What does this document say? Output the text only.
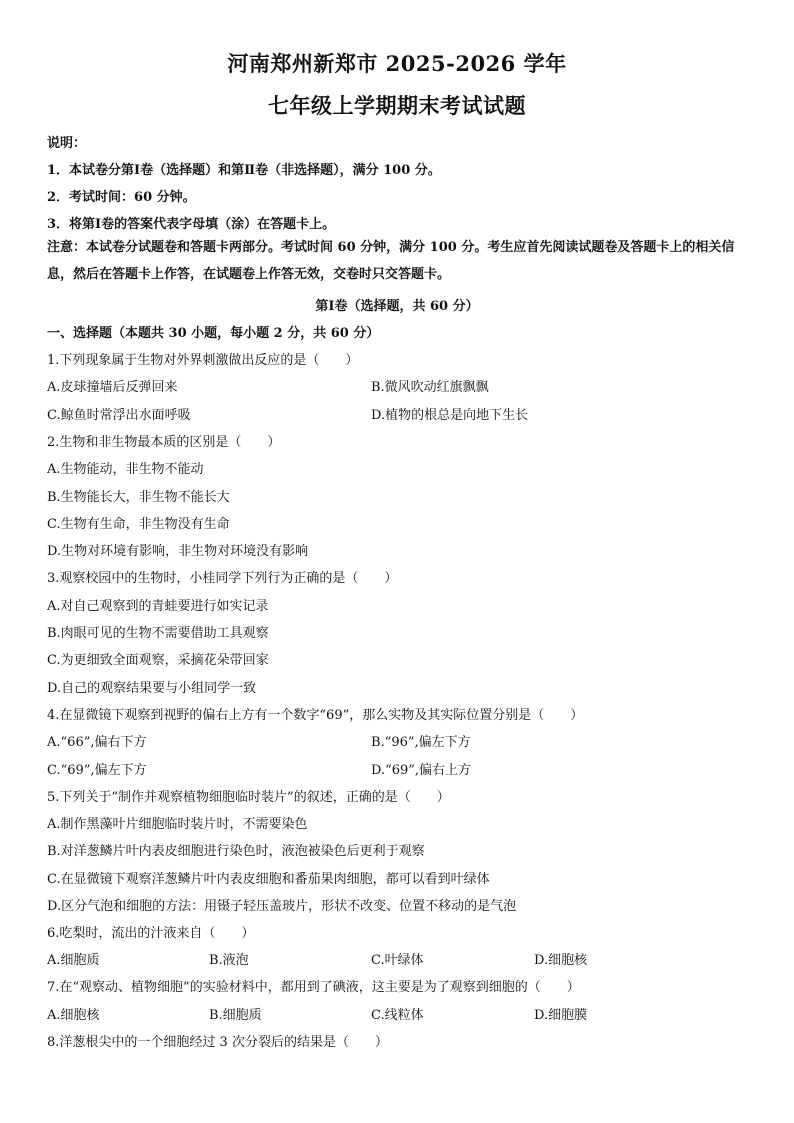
河南郑州新郑市 2025-2026 学年
七年级上学期期末考试试题
说明：
1．本试卷分第Ⅰ卷（选择题）和第Ⅱ卷（非选择题），满分 100 分。
2．考试时间：60 分钟。
3．将第Ⅰ卷的答案代表字母填（涂）在答题卡上。
注意：本试卷分试题卷和答题卡两部分。考试时间 60 分钟，满分 100 分。考生应首先阅读试题卷及答题卡上的相关信息，然后在答题卡上作答，在试题卷上作答无效，交卷时只交答题卡。
第Ⅰ卷（选择题，共 60 分）
一、选择题（本题共 30 小题，每小题 2 分，共 60 分）
1.下列现象属于生物对外界刺激做出反应的是（　　）
A.皮球撞墙后反弹回来	B.微风吹动红旗飘飘
C.鲸鱼时常浮出水面呼吸	D.植物的根总是向地下生长
2.生物和非生物最本质的区别是（　　）
A.生物能动，非生物不能动
B.生物能长大，非生物不能长大
C.生物有生命，非生物没有生命
D.生物对环境有影响，非生物对环境没有影响
3.观察校园中的生物时，小桂同学下列行为正确的是（　　）
A.对自己观察到的青蛙要进行如实记录
B.肉眼可见的生物不需要借助工具观察
C.为更细致全面观察，采摘花朵带回家
D.自己的观察结果要与小组同学一致
4.在显微镜下观察到视野的偏右上方有一个数字“69”，那么实物及其实际位置分别是（　　）
A.“66”,偏右下方	B.“96”,偏左下方
C.“69”,偏左下方	D.“69”,偏右上方
5.下列关于“制作并观察植物细胞临时装片”的叙述，正确的是（　　）
A.制作黑藻叶片细胞临时装片时，不需要染色
B.对洋葱鳞片叶内表皮细胞进行染色时，液泡被染色后更利于观察
C.在显微镜下观察洋葱鳞片叶内表皮细胞和番茄果肉细胞，都可以看到叶绿体
D.区分气泡和细胞的方法：用镊子轻压盖玻片，形状不改变、位置不移动的是气泡
6.吃梨时，流出的汁液来自（　　）
A.细胞质	B.液泡	C.叶绿体	D.细胞核
7.在“观察动、植物细胞”的实验材料中，都用到了碘液，这主要是为了观察到细胞的（　　）
A.细胞核	B.细胞质	C.线粒体	D.细胞膜
8.洋葱根尖中的一个细胞经过 3 次分裂后的结果是（　　）
